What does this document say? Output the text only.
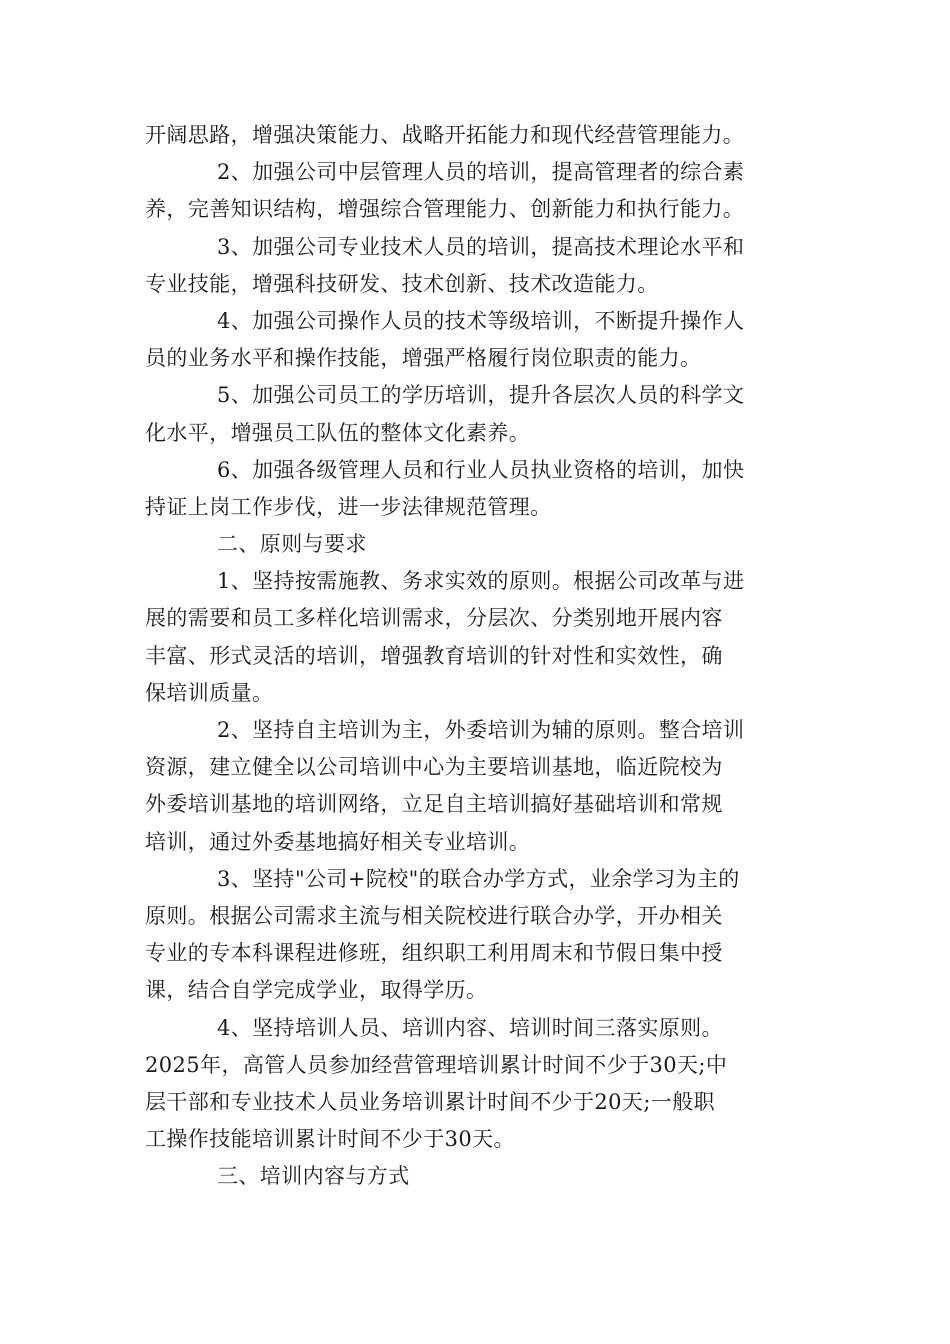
开阔思路，增强决策能力、战略开拓能力和现代经营管理能力。
2、加强公司中层管理人员的培训，提高管理者的综合素
养，完善知识结构，增强综合管理能力、创新能力和执行能力。
3、加强公司专业技术人员的培训，提高技术理论水平和
专业技能，增强科技研发、技术创新、技术改造能力。
4、加强公司操作人员的技术等级培训，不断提升操作人
员的业务水平和操作技能，增强严格履行岗位职责的能力。
5、加强公司员工的学历培训，提升各层次人员的科学文
化水平，增强员工队伍的整体文化素养。
6、加强各级管理人员和行业人员执业资格的培训，加快
持证上岗工作步伐，进一步法律规范管理。
二、原则与要求
1、坚持按需施教、务求实效的原则。根据公司改革与进
展的需要和员工多样化培训需求，分层次、分类别地开展内容
丰富、形式灵活的培训，增强教育培训的针对性和实效性，确
保培训质量。
2、坚持自主培训为主，外委培训为辅的原则。整合培训
资源，建立健全以公司培训中心为主要培训基地，临近院校为
外委培训基地的培训网络，立足自主培训搞好基础培训和常规
培训，通过外委基地搞好相关专业培训。
3、坚持"公司+院校"的联合办学方式，业余学习为主的
原则。根据公司需求主流与相关院校进行联合办学，开办相关
专业的专本科课程进修班，组织职工利用周末和节假日集中授
课，结合自学完成学业，取得学历。
4、坚持培训人员、培训内容、培训时间三落实原则。
2025年，高管人员参加经营管理培训累计时间不少于30天;中
层干部和专业技术人员业务培训累计时间不少于20天;一般职
工操作技能培训累计时间不少于30天。
三、培训内容与方式
